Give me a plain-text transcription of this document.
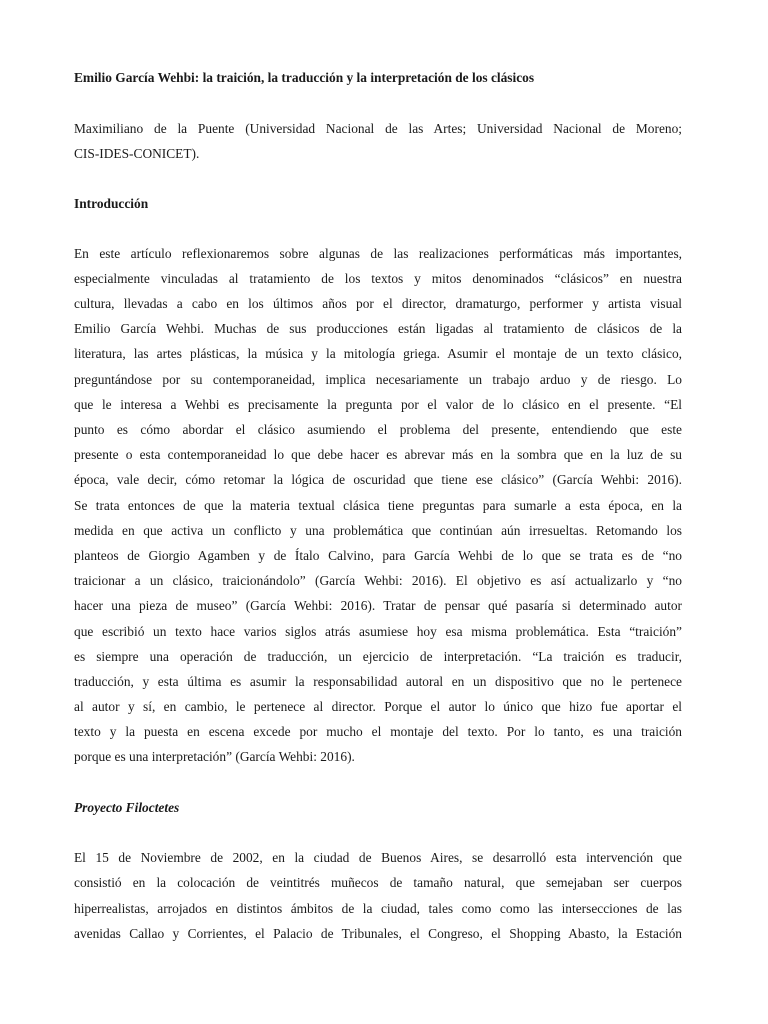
Emilio García Wehbi: la traición, la traducción y la interpretación de los clásicos

Maximiliano de la Puente (Universidad Nacional de las Artes; Universidad Nacional de Moreno;

CIS-IDES-CONICET).

Introducción

En este artículo reflexionaremos sobre algunas de las realizaciones performáticas más importantes,

especialmente vinculadas al tratamiento de los textos y mitos denominados “clásicos” en nuestra

cultura, llevadas a cabo en los últimos años por el director, dramaturgo, performer y artista visual

Emilio García Wehbi. Muchas de sus producciones están ligadas al tratamiento de clásicos de la

literatura, las artes plásticas, la música y la mitología griega. Asumir el montaje de un texto clásico,

preguntándose por su contemporaneidad, implica necesariamente un trabajo arduo y de riesgo. Lo

que le interesa a Wehbi es precisamente la pregunta por el valor de lo clásico en el presente. “El

punto es cómo abordar el clásico asumiendo el problema del presente, entendiendo que este

presente o esta contemporaneidad lo que debe hacer es abrevar más en la sombra que en la luz de su

época, vale decir, cómo retomar la lógica de oscuridad que tiene ese clásico” (García Wehbi: 2016).

Se trata entonces de que la materia textual clásica tiene preguntas para sumarle a esta época, en la

medida en que activa un conflicto y una problemática que continúan aún irresueltas. Retomando los

planteos de Giorgio Agamben y de Ítalo Calvino, para García Wehbi de lo que se trata es de “no

traicionar a un clásico, traicionándolo” (García Wehbi: 2016). El objetivo es así actualizarlo y “no

hacer una pieza de museo” (García Wehbi: 2016). Tratar de pensar qué pasaría si determinado autor

que escribió un texto hace varios siglos atrás asumiese hoy esa misma problemática. Esta “traición”

es siempre una operación de traducción, un ejercicio de interpretación. “La traición es traducir,

traducción, y esta última es asumir la responsabilidad autoral en un dispositivo que no le pertenece

al autor y sí, en cambio, le pertenece al director. Porque el autor lo único que hizo fue aportar el

texto y la puesta en escena excede por mucho el montaje del texto. Por lo tanto, es una traición

porque es una interpretación” (García Wehbi: 2016).

Proyecto Filoctetes

El 15 de Noviembre de 2002, en la ciudad de Buenos Aires, se desarrolló esta intervención que

consistió en la colocación de veintitrés muñecos de tamaño natural, que semejaban ser cuerpos

hiperrealistas, arrojados en distintos ámbitos de la ciudad, tales como como las intersecciones de las

avenidas Callao y Corrientes, el Palacio de Tribunales, el Congreso, el Shopping Abasto, la Estación
